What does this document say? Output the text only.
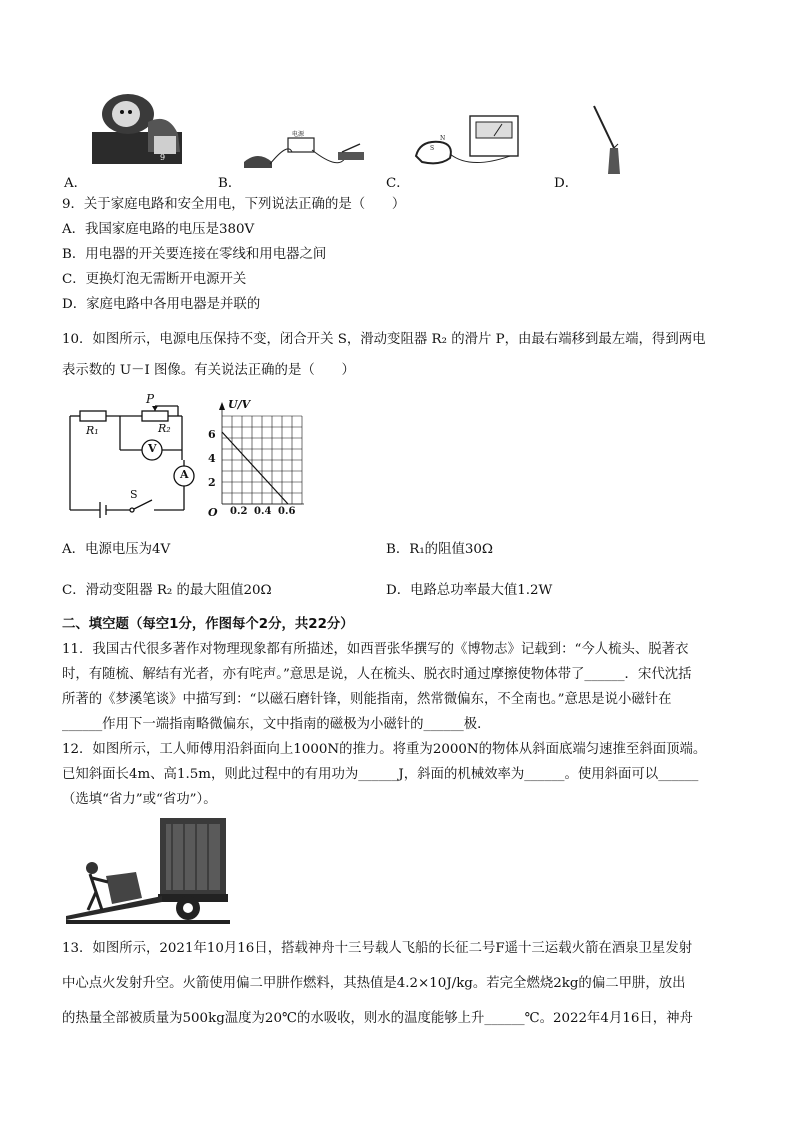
9
电源
S
N
A．	B．	C．	D．
9．关于家庭电路和安全用电，下列说法正确的是（　　）
A．我国家庭电路的电压是380V
B．用电器的开关要连接在零线和用电器之间
C．更换灯泡无需断开电源开关
D．家庭电路中各用电器是并联的
10．如图所示，电源电压保持不变，闭合开关 S，滑动变阻器 R₂ 的滑片 P，由最右端移到最左端，得到两电
表示数的 U－I 图像。有关说法正确的是（　　）
R₁	R₂
P
V
A
S
U/V
6
4
2
O 0.2 0.4 0.6
A．电源电压为4V	B．R₁的阻值30Ω
C．滑动变阻器 R₂ 的最大阻值20Ω	D．电路总功率最大值1.2W
二、填空题（每空1分，作图每个2分，共22分）
11．我国古代很多著作对物理现象都有所描述，如西晋张华撰写的《博物志》记载到：“今人梳头、脱著衣
时，有随梳、解结有光者，亦有咤声。”意思是说，人在梳头、脱衣时通过摩擦使物体带了______．宋代沈括
所著的《梦溪笔谈》中描写到：“以磁石磨针锋，则能指南，然常微偏东，不全南也。”意思是说小磁针在
______作用下一端指南略微偏东，文中指南的磁极为小磁针的______极．
12．如图所示，工人师傅用沿斜面向上1000N的推力。将重为2000N的物体从斜面底端匀速推至斜面顶端。
已知斜面长4m、高1.5m，则此过程中的有用功为______J，斜面的机械效率为______。使用斜面可以______
（选填“省力”或“省功”）。
13．如图所示，2021年10月16日，搭载神舟十三号载人飞船的长征二号F遥十三运载火箭在酒泉卫星发射
中心点火发射升空。火箭使用偏二甲肼作燃料，其热值是4.2×10J/kg。若完全燃烧2kg的偏二甲肼，放出
的热量全部被质量为500kg温度为20℃的水吸收，则水的温度能够上升______℃。2022年4月16日，神舟
